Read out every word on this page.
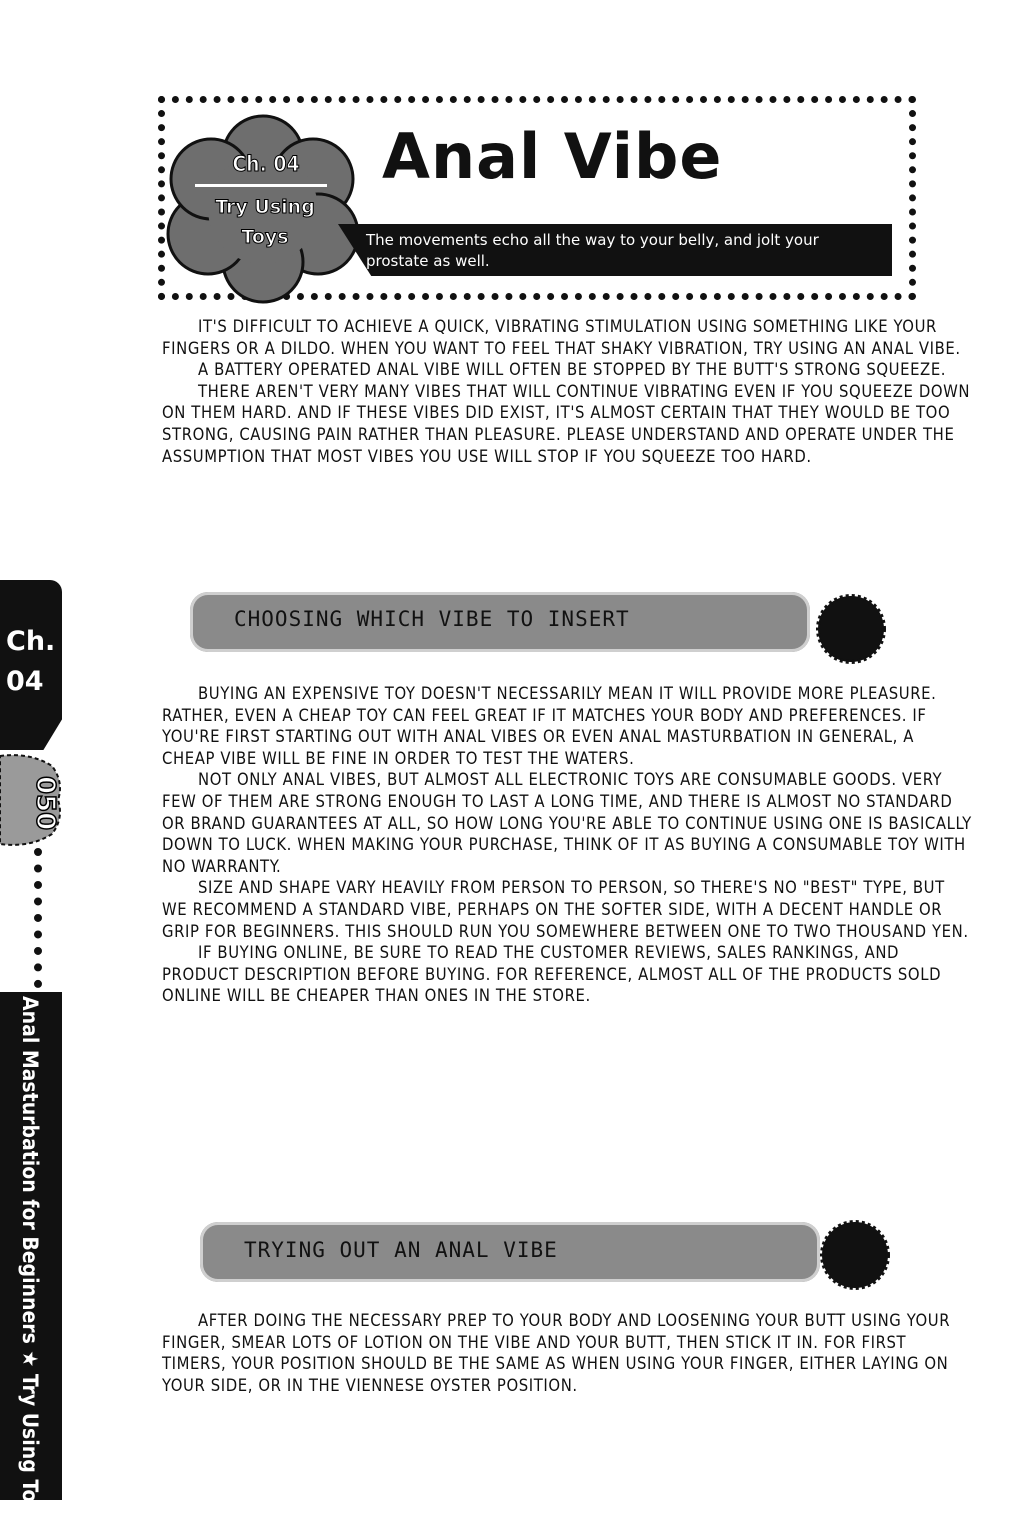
Ch. 04
Try Using Toys
Anal Vibe
The movements echo all the way to your belly, and jolt your prostate as well.

IT'S DIFFICULT TO ACHIEVE A QUICK, VIBRATING STIMULATION USING SOMETHING LIKE YOUR FINGERS OR A DILDO. WHEN YOU WANT TO FEEL THAT SHAKY VIBRATION, TRY USING AN ANAL VIBE.

A BATTERY OPERATED ANAL VIBE WILL OFTEN BE STOPPED BY THE BUTT'S STRONG SQUEEZE.

THERE AREN'T VERY MANY VIBES THAT WILL CONTINUE VIBRATING EVEN IF YOU SQUEEZE DOWN ON THEM HARD. AND IF THESE VIBES DID EXIST, IT'S ALMOST CERTAIN THAT THEY WOULD BE TOO STRONG, CAUSING PAIN RATHER THAN PLEASURE. PLEASE UNDERSTAND AND OPERATE UNDER THE ASSUMPTION THAT MOST VIBES YOU USE WILL STOP IF YOU SQUEEZE TOO HARD.

CHOOSING WHICH VIBE TO INSERT

BUYING AN EXPENSIVE TOY DOESN'T NECESSARILY MEAN IT WILL PROVIDE MORE PLEASURE. RATHER, EVEN A CHEAP TOY CAN FEEL GREAT IF IT MATCHES YOUR BODY AND PREFERENCES. IF YOU'RE FIRST STARTING OUT WITH ANAL VIBES OR EVEN ANAL MASTURBATION IN GENERAL, A CHEAP VIBE WILL BE FINE IN ORDER TO TEST THE WATERS.

NOT ONLY ANAL VIBES, BUT ALMOST ALL ELECTRONIC TOYS ARE CONSUMABLE GOODS. VERY FEW OF THEM ARE STRONG ENOUGH TO LAST A LONG TIME, AND THERE IS ALMOST NO STANDARD OR BRAND GUARANTEES AT ALL, SO HOW LONG YOU'RE ABLE TO CONTINUE USING ONE IS BASICALLY DOWN TO LUCK. WHEN MAKING YOUR PURCHASE, THINK OF IT AS BUYING A CONSUMABLE TOY WITH NO WARRANTY.

SIZE AND SHAPE VARY HEAVILY FROM PERSON TO PERSON, SO THERE'S NO "BEST" TYPE, BUT WE RECOMMEND A STANDARD VIBE, PERHAPS ON THE SOFTER SIDE, WITH A DECENT HANDLE OR GRIP FOR BEGINNERS. THIS SHOULD RUN YOU SOMEWHERE BETWEEN ONE TO TWO THOUSAND YEN.

IF BUYING ONLINE, BE SURE TO READ THE CUSTOMER REVIEWS, SALES RANKINGS, AND PRODUCT DESCRIPTION BEFORE BUYING. FOR REFERENCE, ALMOST ALL OF THE PRODUCTS SOLD ONLINE WILL BE CHEAPER THAN ONES IN THE STORE.

TRYING OUT AN ANAL VIBE

AFTER DOING THE NECESSARY PREP TO YOUR BODY AND LOOSENING YOUR BUTT USING YOUR FINGER, SMEAR LOTS OF LOTION ON THE VIBE AND YOUR BUTT, THEN STICK IT IN. FOR FIRST TIMERS, YOUR POSITION SHOULD BE THE SAME AS WHEN USING YOUR FINGER, EITHER LAYING ON YOUR SIDE, OR IN THE VIENNESE OYSTER POSITION.

Ch.
04
050
Anal Masturbation for Beginners ★ Try Using Toys
